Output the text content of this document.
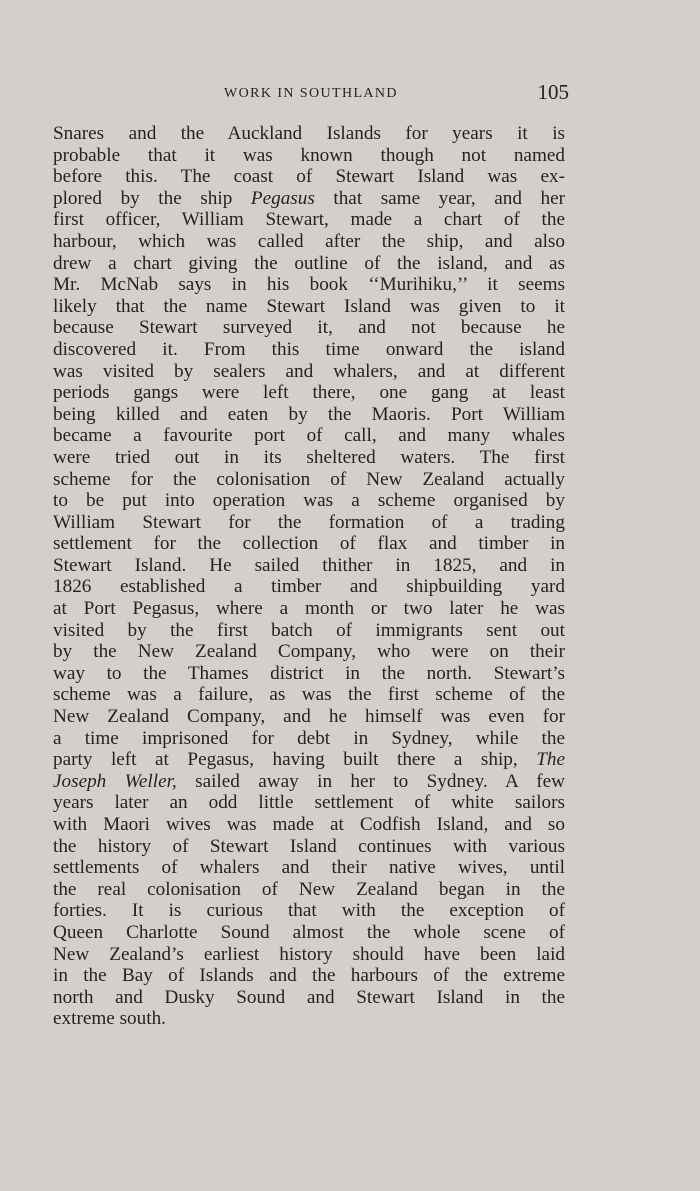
WORK IN SOUTHLAND	105
Snares and the Auckland Islands for years it is
probable that it was known though not named
before this. The coast of Stewart Island was ex-
plored by the ship Pegasus that same year, and her
first officer, William Stewart, made a chart of the
harbour, which was called after the ship, and also
drew a chart giving the outline of the island, and as
Mr. McNab says in his book ‘‘Murihiku,’’ it seems
likely that the name Stewart Island was given to it
because Stewart surveyed it, and not because he
discovered it. From this time onward the island
was visited by sealers and whalers, and at different
periods gangs were left there, one gang at least
being killed and eaten by the Maoris. Port William
became a favourite port of call, and many whales
were tried out in its sheltered waters. The first
scheme for the colonisation of New Zealand actually
to be put into operation was a scheme organised by
William Stewart for the formation of a trading
settlement for the collection of flax and timber in
Stewart Island. He sailed thither in 1825, and in
1826 established a timber and shipbuilding yard
at Port Pegasus, where a month or two later he was
visited by the first batch of immigrants sent out
by the New Zealand Company, who were on their
way to the Thames district in the north. Stewart’s
scheme was a failure, as was the first scheme of the
New Zealand Company, and he himself was even for
a time imprisoned for debt in Sydney, while the
party left at Pegasus, having built there a ship, The
Joseph Weller, sailed away in her to Sydney. A few
years later an odd little settlement of white sailors
with Maori wives was made at Codfish Island, and so
the history of Stewart Island continues with various
settlements of whalers and their native wives, until
the real colonisation of New Zealand began in the
forties. It is curious that with the exception of
Queen Charlotte Sound almost the whole scene of
New Zealand’s earliest history should have been laid
in the Bay of Islands and the harbours of the extreme
north and Dusky Sound and Stewart Island in the
extreme south.
